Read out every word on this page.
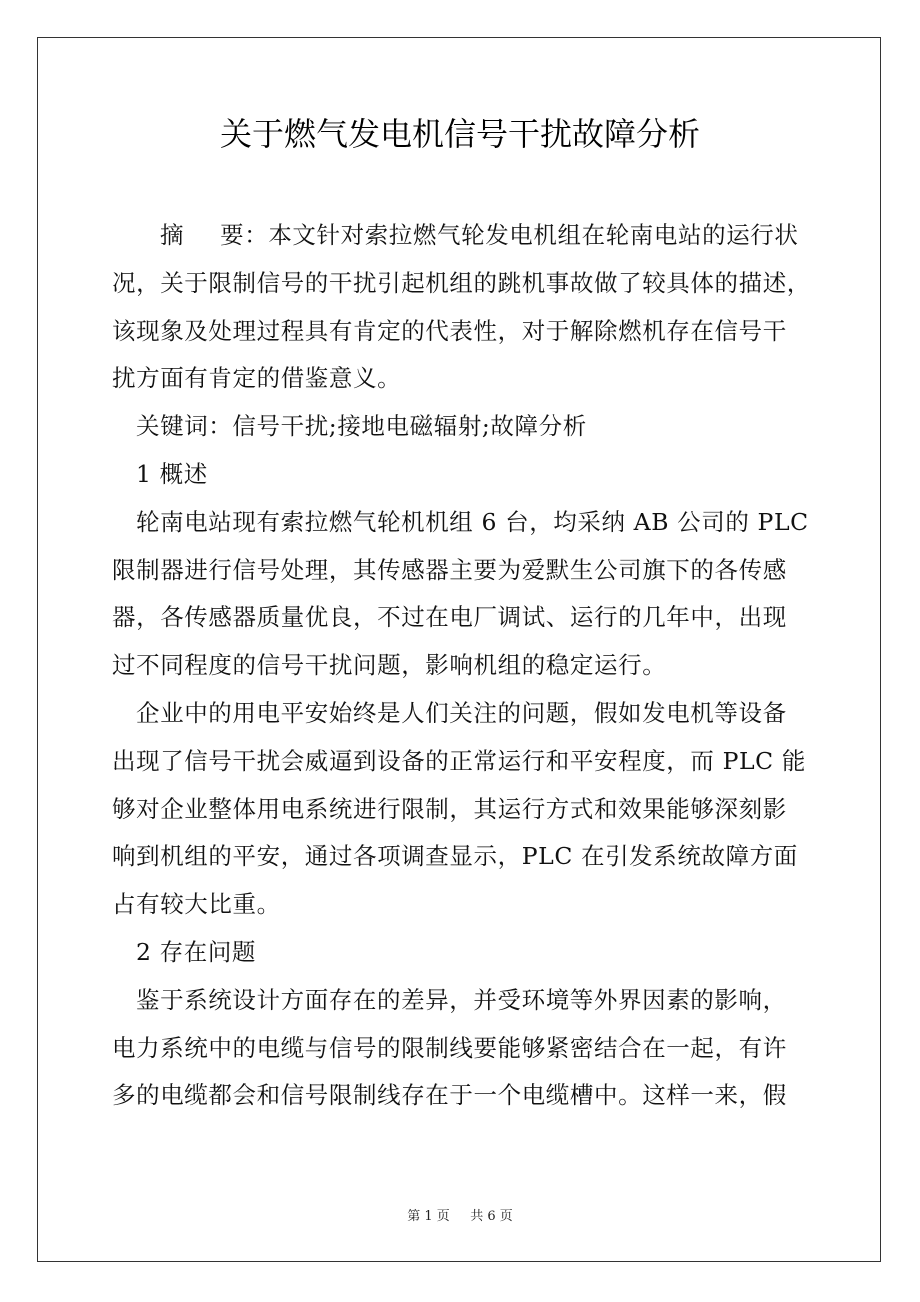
关于燃气发电机信号干扰故障分析
摘 要：本文针对索拉燃气轮发电机组在轮南电站的运行状
况，关于限制信号的干扰引起机组的跳机事故做了较具体的描述，
该现象及处理过程具有肯定的代表性，对于解除燃机存在信号干
扰方面有肯定的借鉴意义。
关键词：信号干扰;接地电磁辐射;故障分析
1 概述
轮南电站现有索拉燃气轮机机组 6 台，均采纳 AB 公司的 PLC
限制器进行信号处理，其传感器主要为爱默生公司旗下的各传感
器，各传感器质量优良，不过在电厂调试、运行的几年中，出现
过不同程度的信号干扰问题，影响机组的稳定运行。
企业中的用电平安始终是人们关注的问题，假如发电机等设备
出现了信号干扰会威逼到设备的正常运行和平安程度，而 PLC 能
够对企业整体用电系统进行限制，其运行方式和效果能够深刻影
响到机组的平安，通过各项调查显示，PLC 在引发系统故障方面
占有较大比重。
2 存在问题
鉴于系统设计方面存在的差异，并受环境等外界因素的影响，
电力系统中的电缆与信号的限制线要能够紧密结合在一起，有许
多的电缆都会和信号限制线存在于一个电缆槽中。这样一来，假
第 1 页 共 6 页
